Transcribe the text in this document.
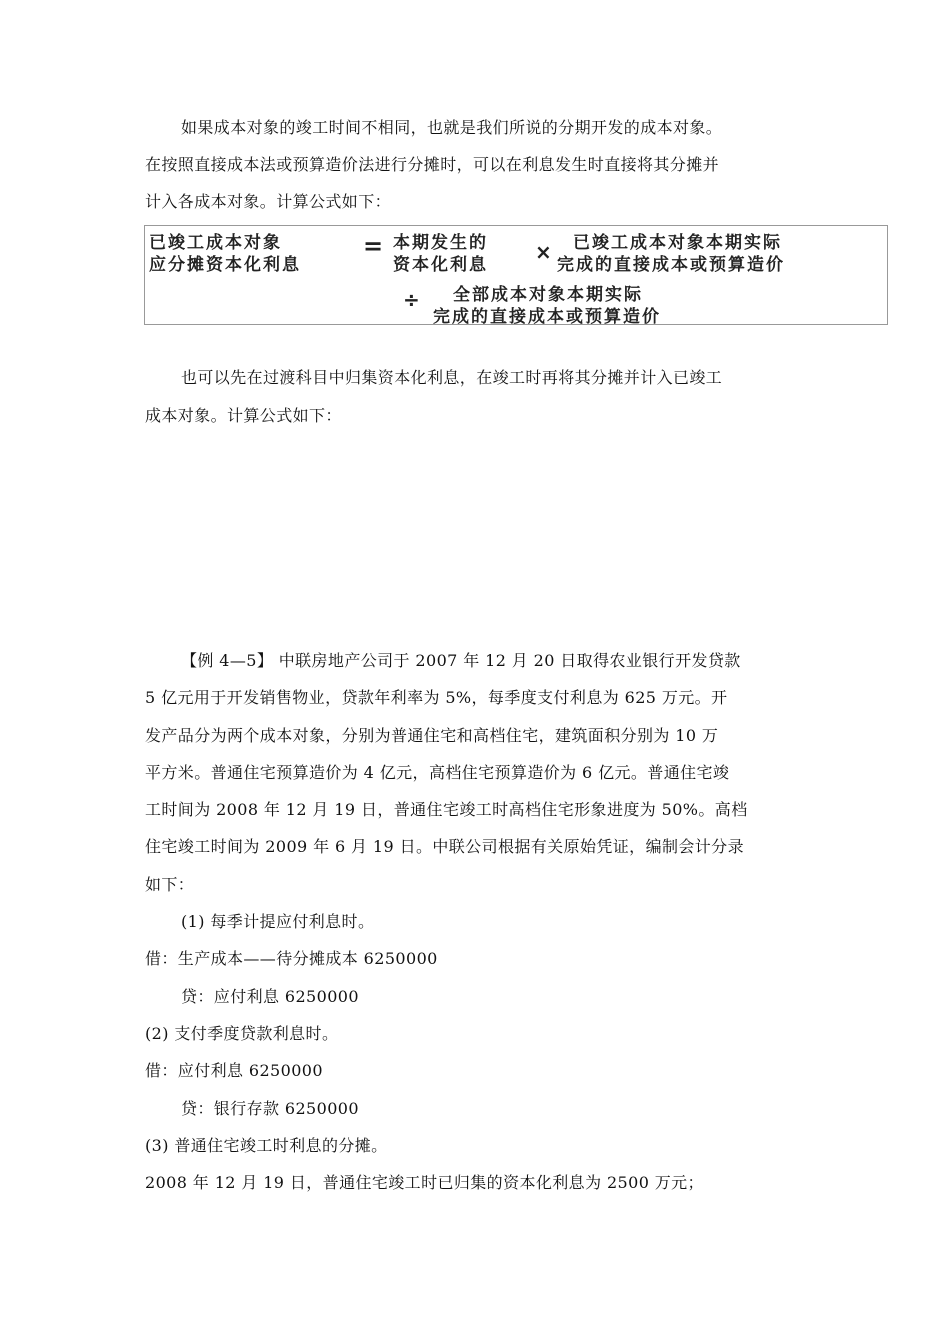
如果成本对象的竣工时间不相同，也就是我们所说的分期开发的成本对象。
在按照直接成本法或预算造价法进行分摊时，可以在利息发生时直接将其分摊并
计入各成本对象。计算公式如下：
已竣工成本对象
应分摊资本化利息
= 本期发生的
资本化利息
× 已竣工成本对象本期实际
完成的直接成本或预算造价
÷ 全部成本对象本期实际
完成的直接成本或预算造价
也可以先在过渡科目中归集资本化利息，在竣工时再将其分摊并计入已竣工
成本对象。计算公式如下：
【例 4—5】 中联房地产公司于 2007 年 12 月 20 日取得农业银行开发贷款
5 亿元用于开发销售物业，贷款年利率为 5%，每季度支付利息为 625 万元。开
发产品分为两个成本对象，分别为普通住宅和高档住宅，建筑面积分别为 10 万
平方米。普通住宅预算造价为 4 亿元，高档住宅预算造价为 6 亿元。普通住宅竣
工时间为 2008 年 12 月 19 日，普通住宅竣工时高档住宅形象进度为 50%。高档
住宅竣工时间为 2009 年 6 月 19 日。中联公司根据有关原始凭证，编制会计分录
如下：
(1) 每季计提应付利息时。
借：生产成本——待分摊成本 6250000
贷：应付利息 6250000
(2) 支付季度贷款利息时。
借：应付利息 6250000
贷：银行存款 6250000
(3) 普通住宅竣工时利息的分摊。
2008 年 12 月 19 日，普通住宅竣工时已归集的资本化利息为 2500 万元；
